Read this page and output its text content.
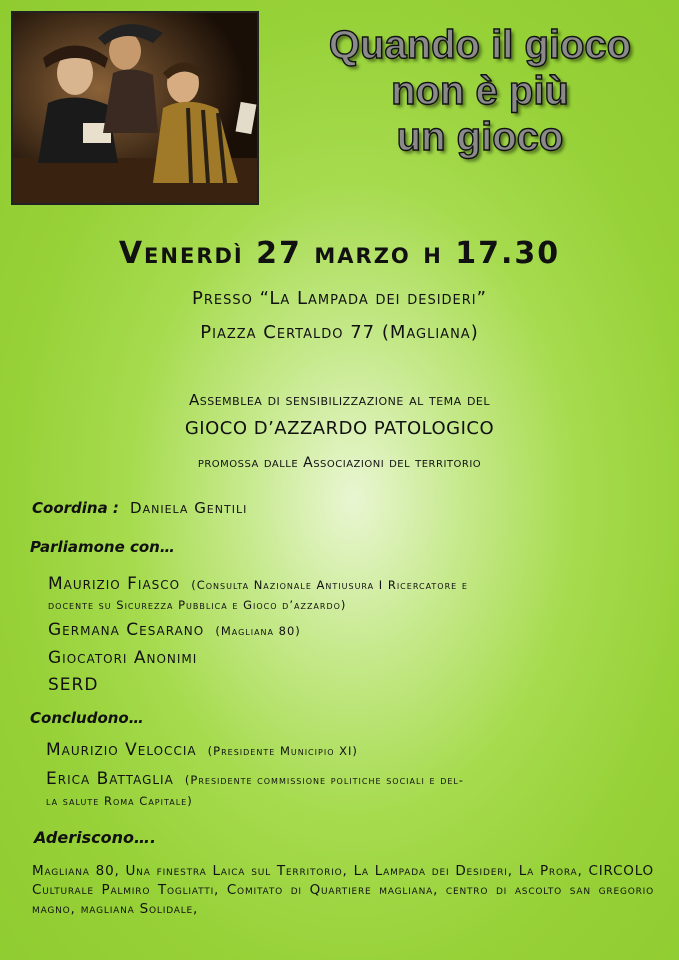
Quando il gioco
non è più
un gioco
Venerdì 27 marzo h 17.30
Presso “La Lampada dei desideri”
Piazza Certaldo 77 (Magliana)
Assemblea di sensibilizzazione al tema del
GIOCO D’AZZARDO PATOLOGICO
promossa dalle Associazioni del territorio
Coordina : Daniela Gentili
Parliamone con…
Maurizio Fiasco (Consulta Nazionale Antiusura I Ricercatore e
docente su Sicurezza Pubblica e Gioco d’azzardo)
Germana Cesarano (Magliana 80)
Giocatori Anonimi
SERD
Concludono…
Maurizio Veloccia (Presidente Municipio XI)
Erica Battaglia (Presidente commissione politiche sociali e del-
la salute Roma Capitale)
Aderiscono….
Magliana 80, Una finestra Laica sul Territorio, La Lampada dei Desideri, La Prora, CIRCOLO Culturale Palmiro Togliatti, Comitato di Quartiere magliana, centro di ascolto san gregorio magno, magliana Solidale,
